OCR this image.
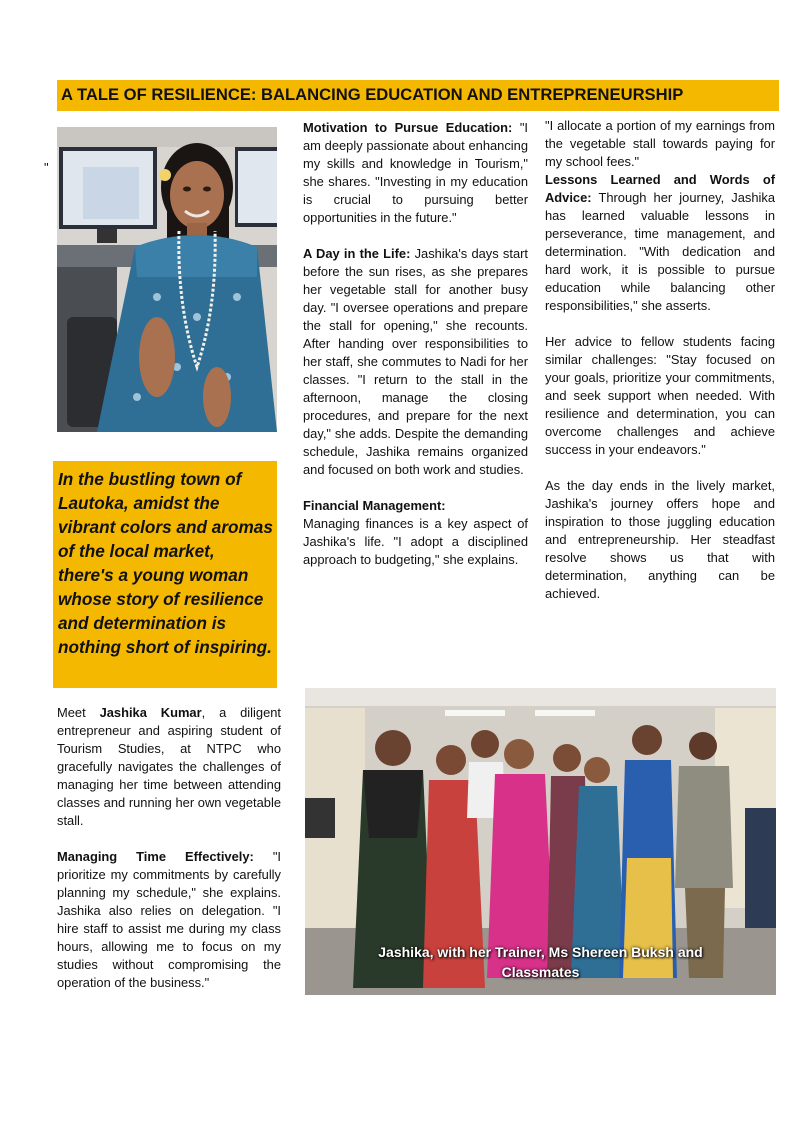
A TALE OF RESILIENCE: BALANCING EDUCATION AND ENTREPRENEURSHIP
"

In the bustling town of Lautoka, amidst the vibrant colors and aromas of the local market, there's a young woman whose story of resilience and determination is nothing short of inspiring.

Meet Jashika Kumar, a diligent entrepreneur and aspiring student of Tourism Studies, at NTPC who gracefully navigates the challenges of managing her time between attending classes and running her own vegetable stall.

Managing Time Effectively: "I prioritize my commitments by carefully planning my schedule," she explains. Jashika also relies on delegation. "I hire staff to assist me during my class hours, allowing me to focus on my studies without compromising the operation of the business."

Motivation to Pursue Education: "I am deeply passionate about enhancing my skills and knowledge in Tourism," she shares. "Investing in my education is crucial to pursuing better opportunities in the future."

A Day in the Life: Jashika's days start before the sun rises, as she prepares her vegetable stall for another busy day. "I oversee operations and prepare the stall for opening," she recounts. After handing over responsibilities to her staff, she commutes to Nadi for her classes. "I return to the stall in the afternoon, manage the closing procedures, and prepare for the next day," she adds. Despite the demanding schedule, Jashika remains organized and focused on both work and studies.

Financial Management:

Managing finances is a key aspect of Jashika's life. "I adopt a disciplined approach to budgeting," she explains.

"I allocate a portion of my earnings from the vegetable stall towards paying for my school fees."

Lessons Learned and Words of Advice: Through her journey, Jashika has learned valuable lessons in perseverance, time management, and determination. "With dedication and hard work, it is possible to pursue education while balancing other responsibilities," she asserts.

Her advice to fellow students facing similar challenges: "Stay focused on your goals, prioritize your commitments, and seek support when needed. With resilience and determination, you can overcome challenges and achieve success in your endeavors."

As the day ends in the lively market, Jashika's journey offers hope and inspiration to those juggling education and entrepreneurship. Her steadfast resolve shows us that with determination, anything can be achieved.

Jashika, with her Trainer, Ms Shereen Buksh and Classmates
